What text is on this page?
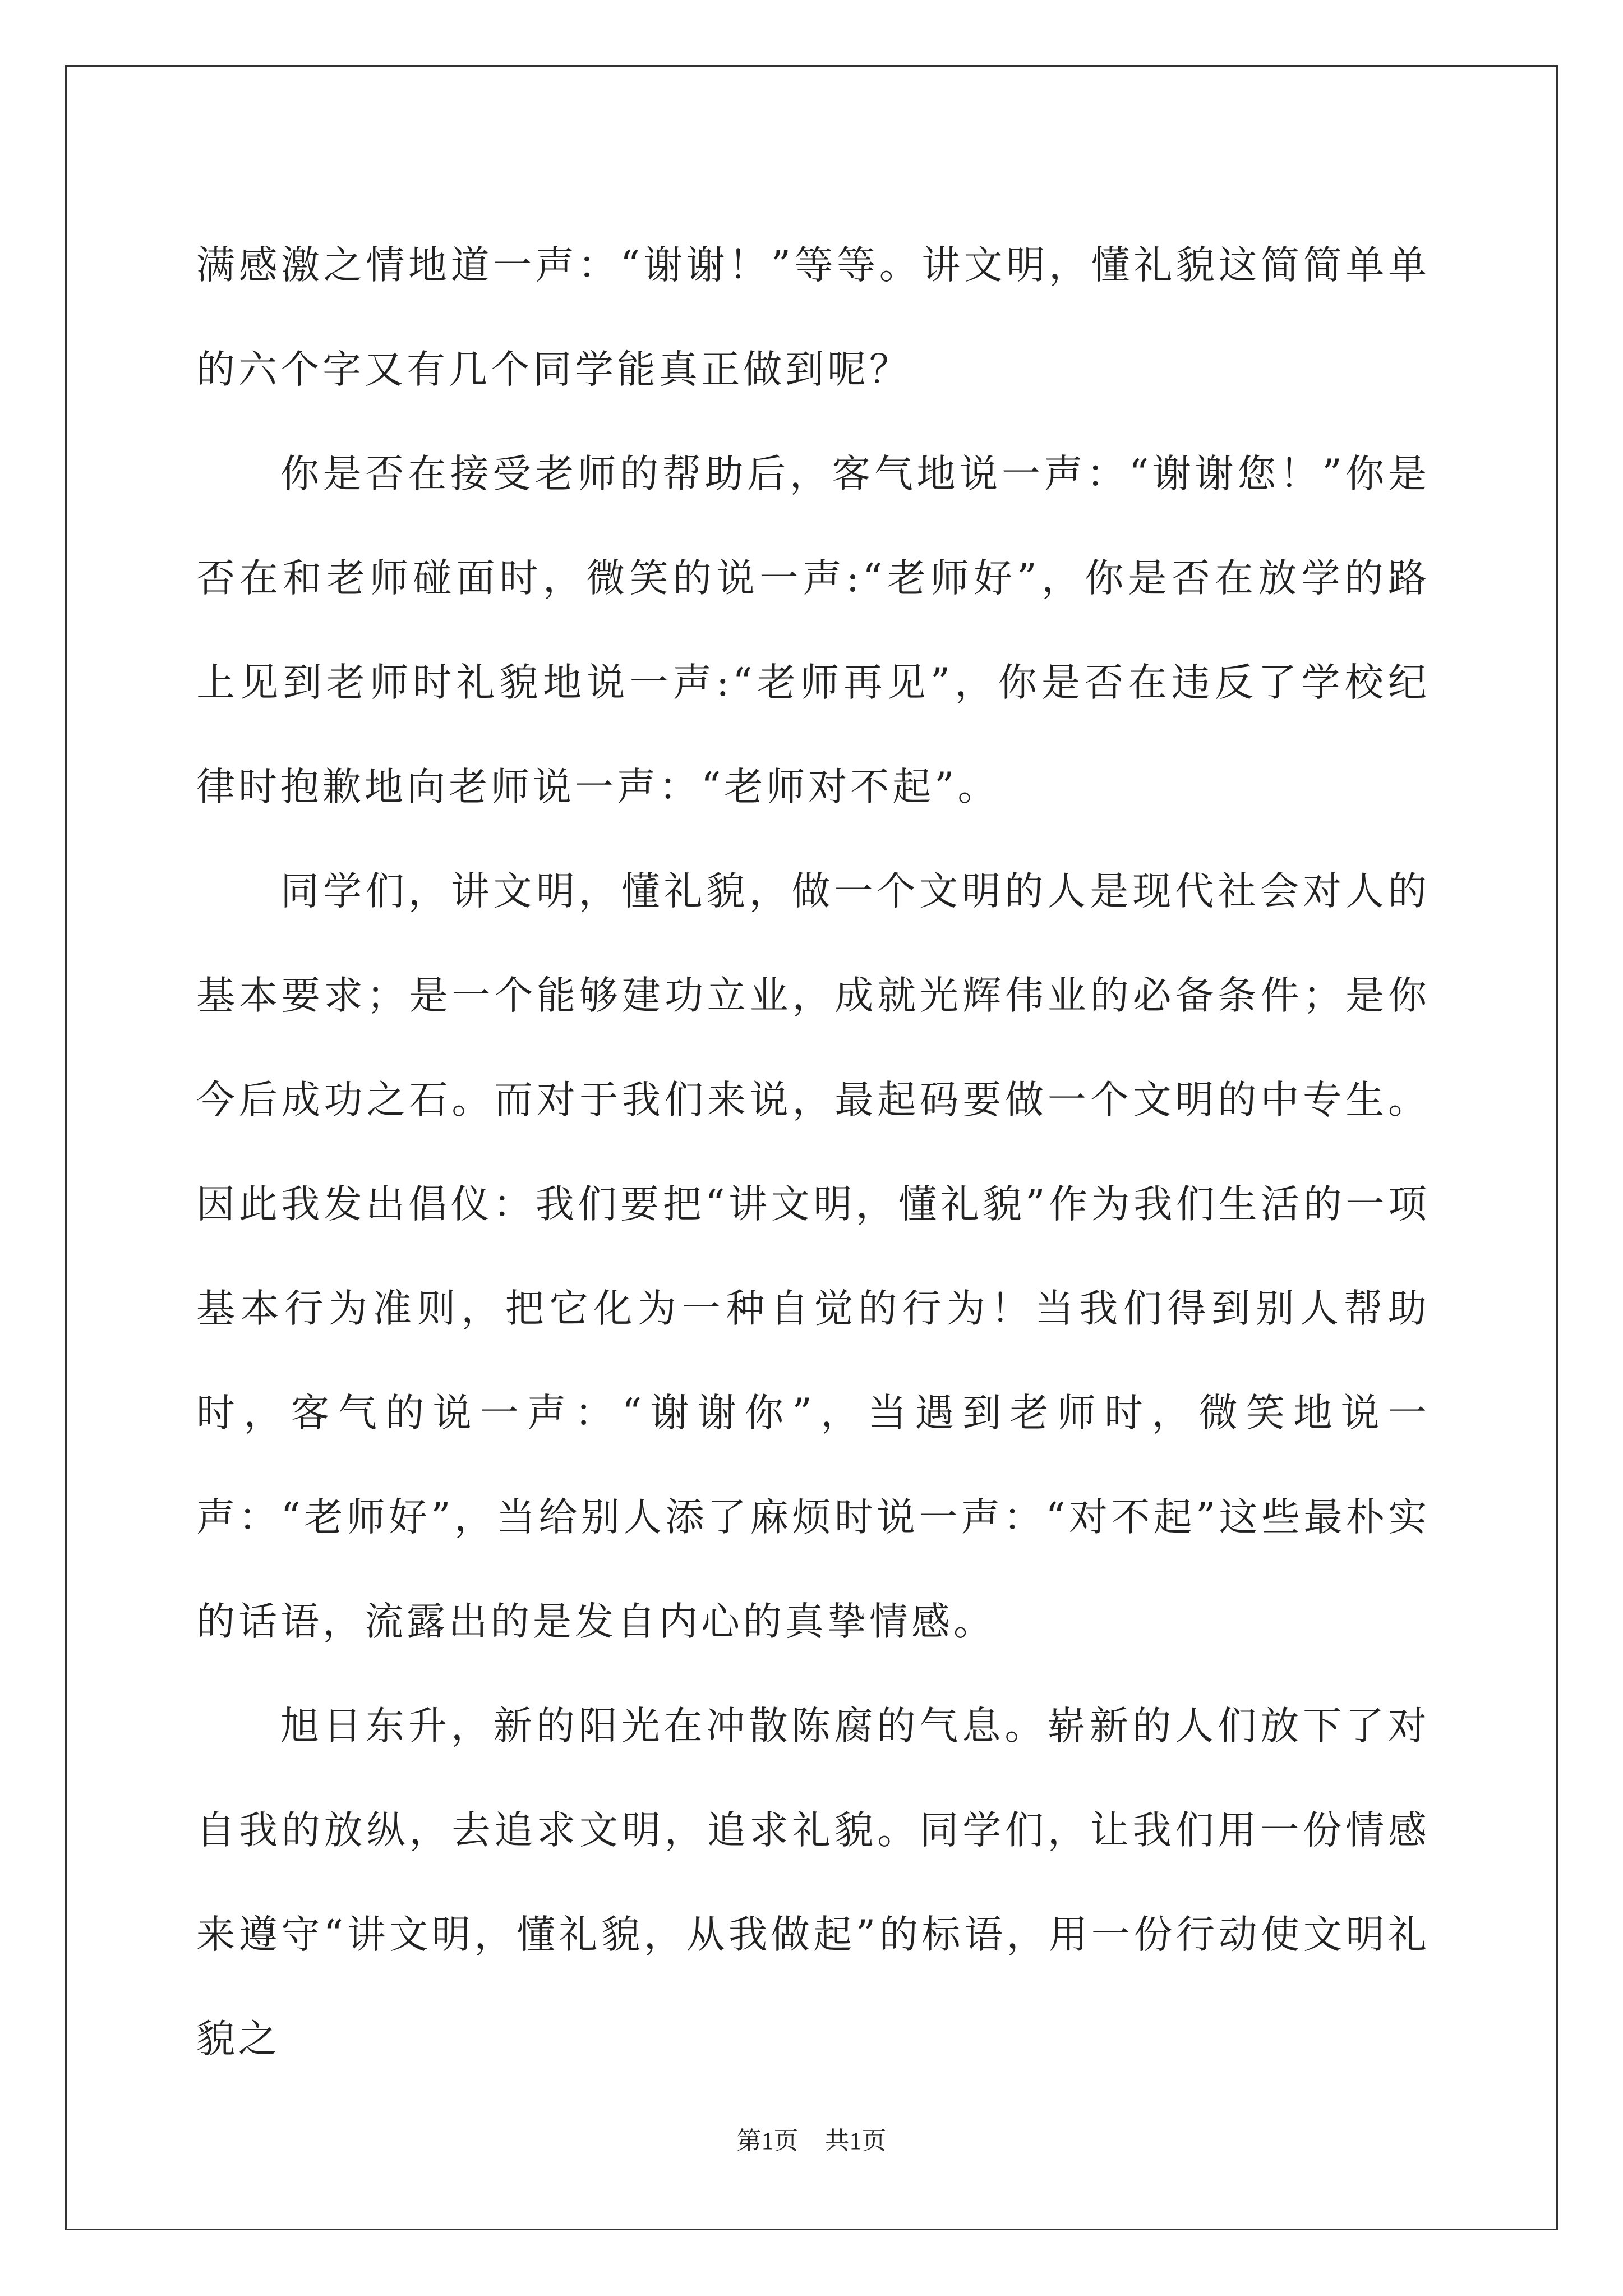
满感激之情地道一声：“谢谢！”等等。讲文明，懂礼貌这简简单单的六个字又有几个同学能真正做到呢？

你是否在接受老师的帮助后，客气地说一声：“谢谢您！”你是否在和老师碰面时，微笑的说一声:“老师好”，你是否在放学的路上见到老师时礼貌地说一声:“老师再见”，你是否在违反了学校纪律时抱歉地向老师说一声：“老师对不起”。

同学们，讲文明，懂礼貌，做一个文明的人是现代社会对人的基本要求；是一个能够建功立业，成就光辉伟业的必备条件；是你今后成功之石。而对于我们来说，最起码要做一个文明的中专生。因此我发出倡仪：我们要把“讲文明，懂礼貌”作为我们生活的一项基本行为准则，把它化为一种自觉的行为！当我们得到别人帮助时，客气的说一声：“谢谢你”，当遇到老师时，微笑地说一声：“老师好”，当给别人添了麻烦时说一声：“对不起”这些最朴实的话语，流露出的是发自内心的真挚情感。

旭日东升，新的阳光在冲散陈腐的气息。崭新的人们放下了对自我的放纵，去追求文明，追求礼貌。同学们，让我们用一份情感来遵守“讲文明，懂礼貌，从我做起”的标语，用一份行动使文明礼貌之

第1页 共1页
